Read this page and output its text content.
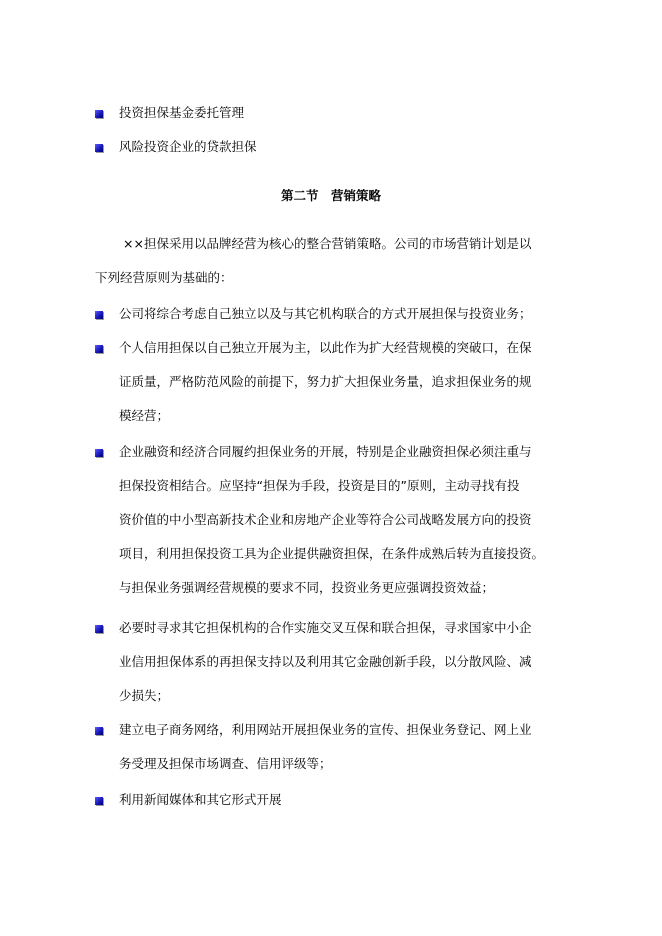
投资担保基金委托管理
风险投资企业的贷款担保
第二节　营销策略
××担保采用以品牌经营为核心的整合营销策略。公司的市场营销计划是以
下列经营原则为基础的：
公司将综合考虑自己独立以及与其它机构联合的方式开展担保与投资业务；
个人信用担保以自己独立开展为主，以此作为扩大经营规模的突破口，在保
证质量，严格防范风险的前提下，努力扩大担保业务量，追求担保业务的规
模经营；
企业融资和经济合同履约担保业务的开展，特别是企业融资担保必须注重与
担保投资相结合。应坚持“担保为手段，投资是目的”原则，主动寻找有投
资价值的中小型高新技术企业和房地产企业等符合公司战略发展方向的投资
项目，利用担保投资工具为企业提供融资担保，在条件成熟后转为直接投资。
与担保业务强调经营规模的要求不同，投资业务更应强调投资效益；
必要时寻求其它担保机构的合作实施交叉互保和联合担保，寻求国家中小企
业信用担保体系的再担保支持以及利用其它金融创新手段，以分散风险、减
少损失；
建立电子商务网络，利用网站开展担保业务的宣传、担保业务登记、网上业
务受理及担保市场调查、信用评级等；
利用新闻媒体和其它形式开展
